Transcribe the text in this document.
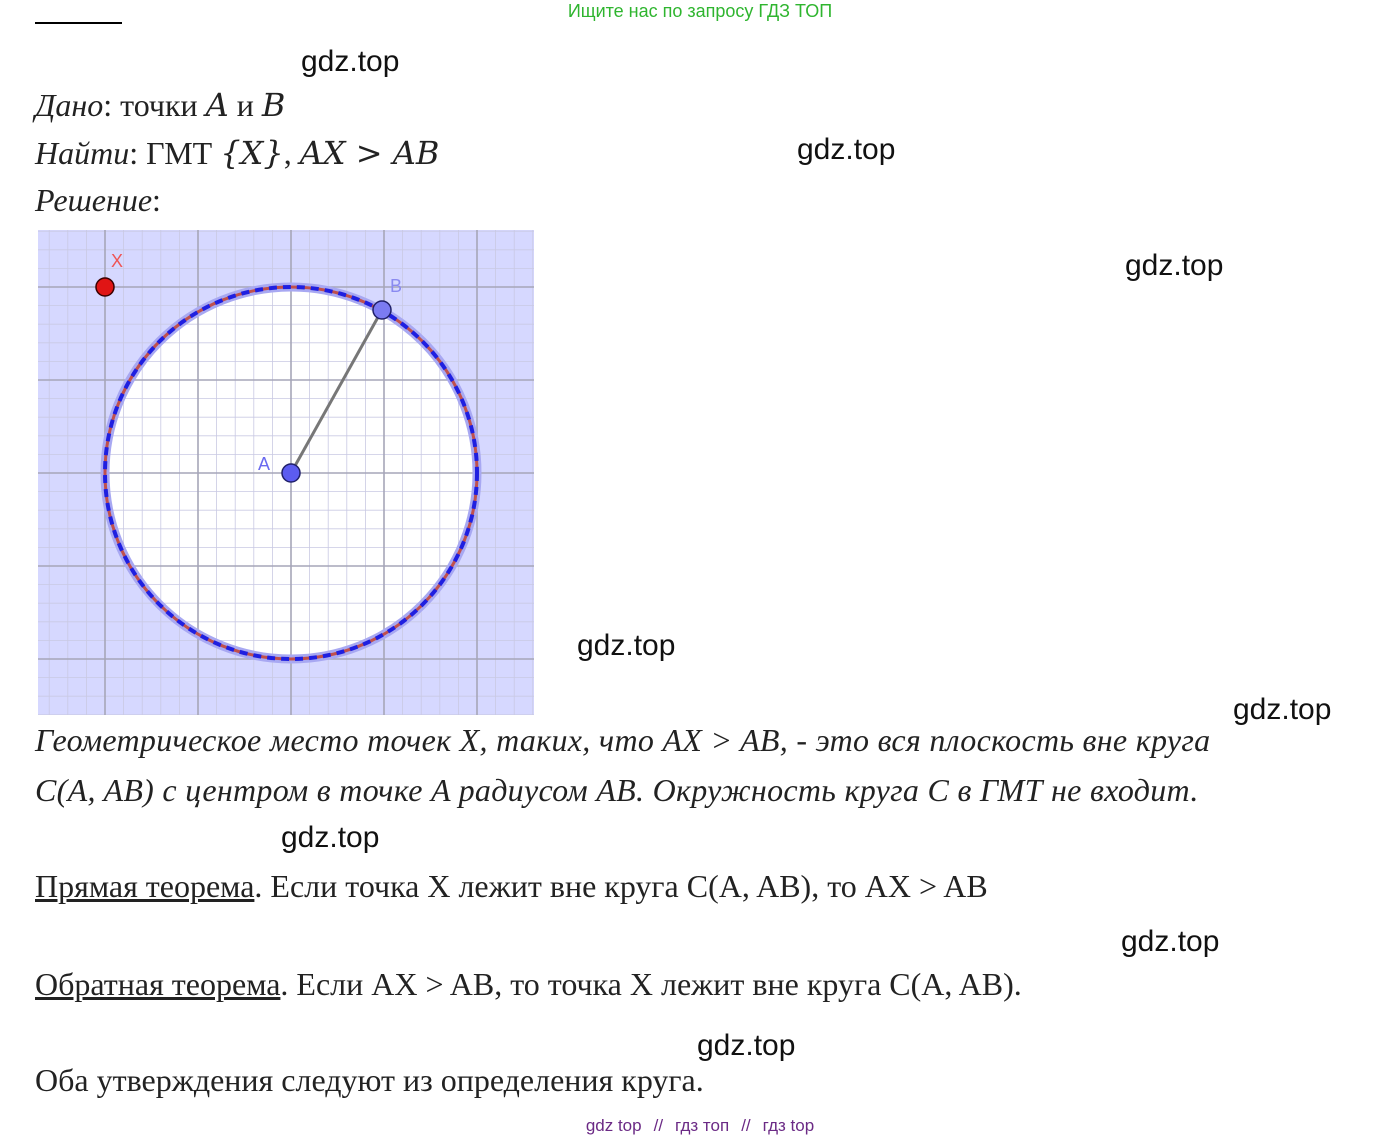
Ищите нас по запросу ГДЗ ТОП
gdz.top
gdz.top
gdz.top
gdz.top
gdz.top
gdz.top
gdz.top
gdz.top
Дано: точки A и B
Найти: ГМТ {X}, AX > AB
Решение:
X
B
A
Геометрическое место точек X, таких, что AX > AB, - это вся плоскость вне круга
C(A, AB) с центром в точке A радиусом AB. Окружность круга C в ГМТ не входит.
Прямая теорема. Если точка X лежит вне круга C(A, AB), то AX > AB
Обратная теорема. Если AX > AB, то точка X лежит вне круга C(A, AB).
Оба утверждения следуют из определения круга.
gdz top // гдз топ // гдз top
